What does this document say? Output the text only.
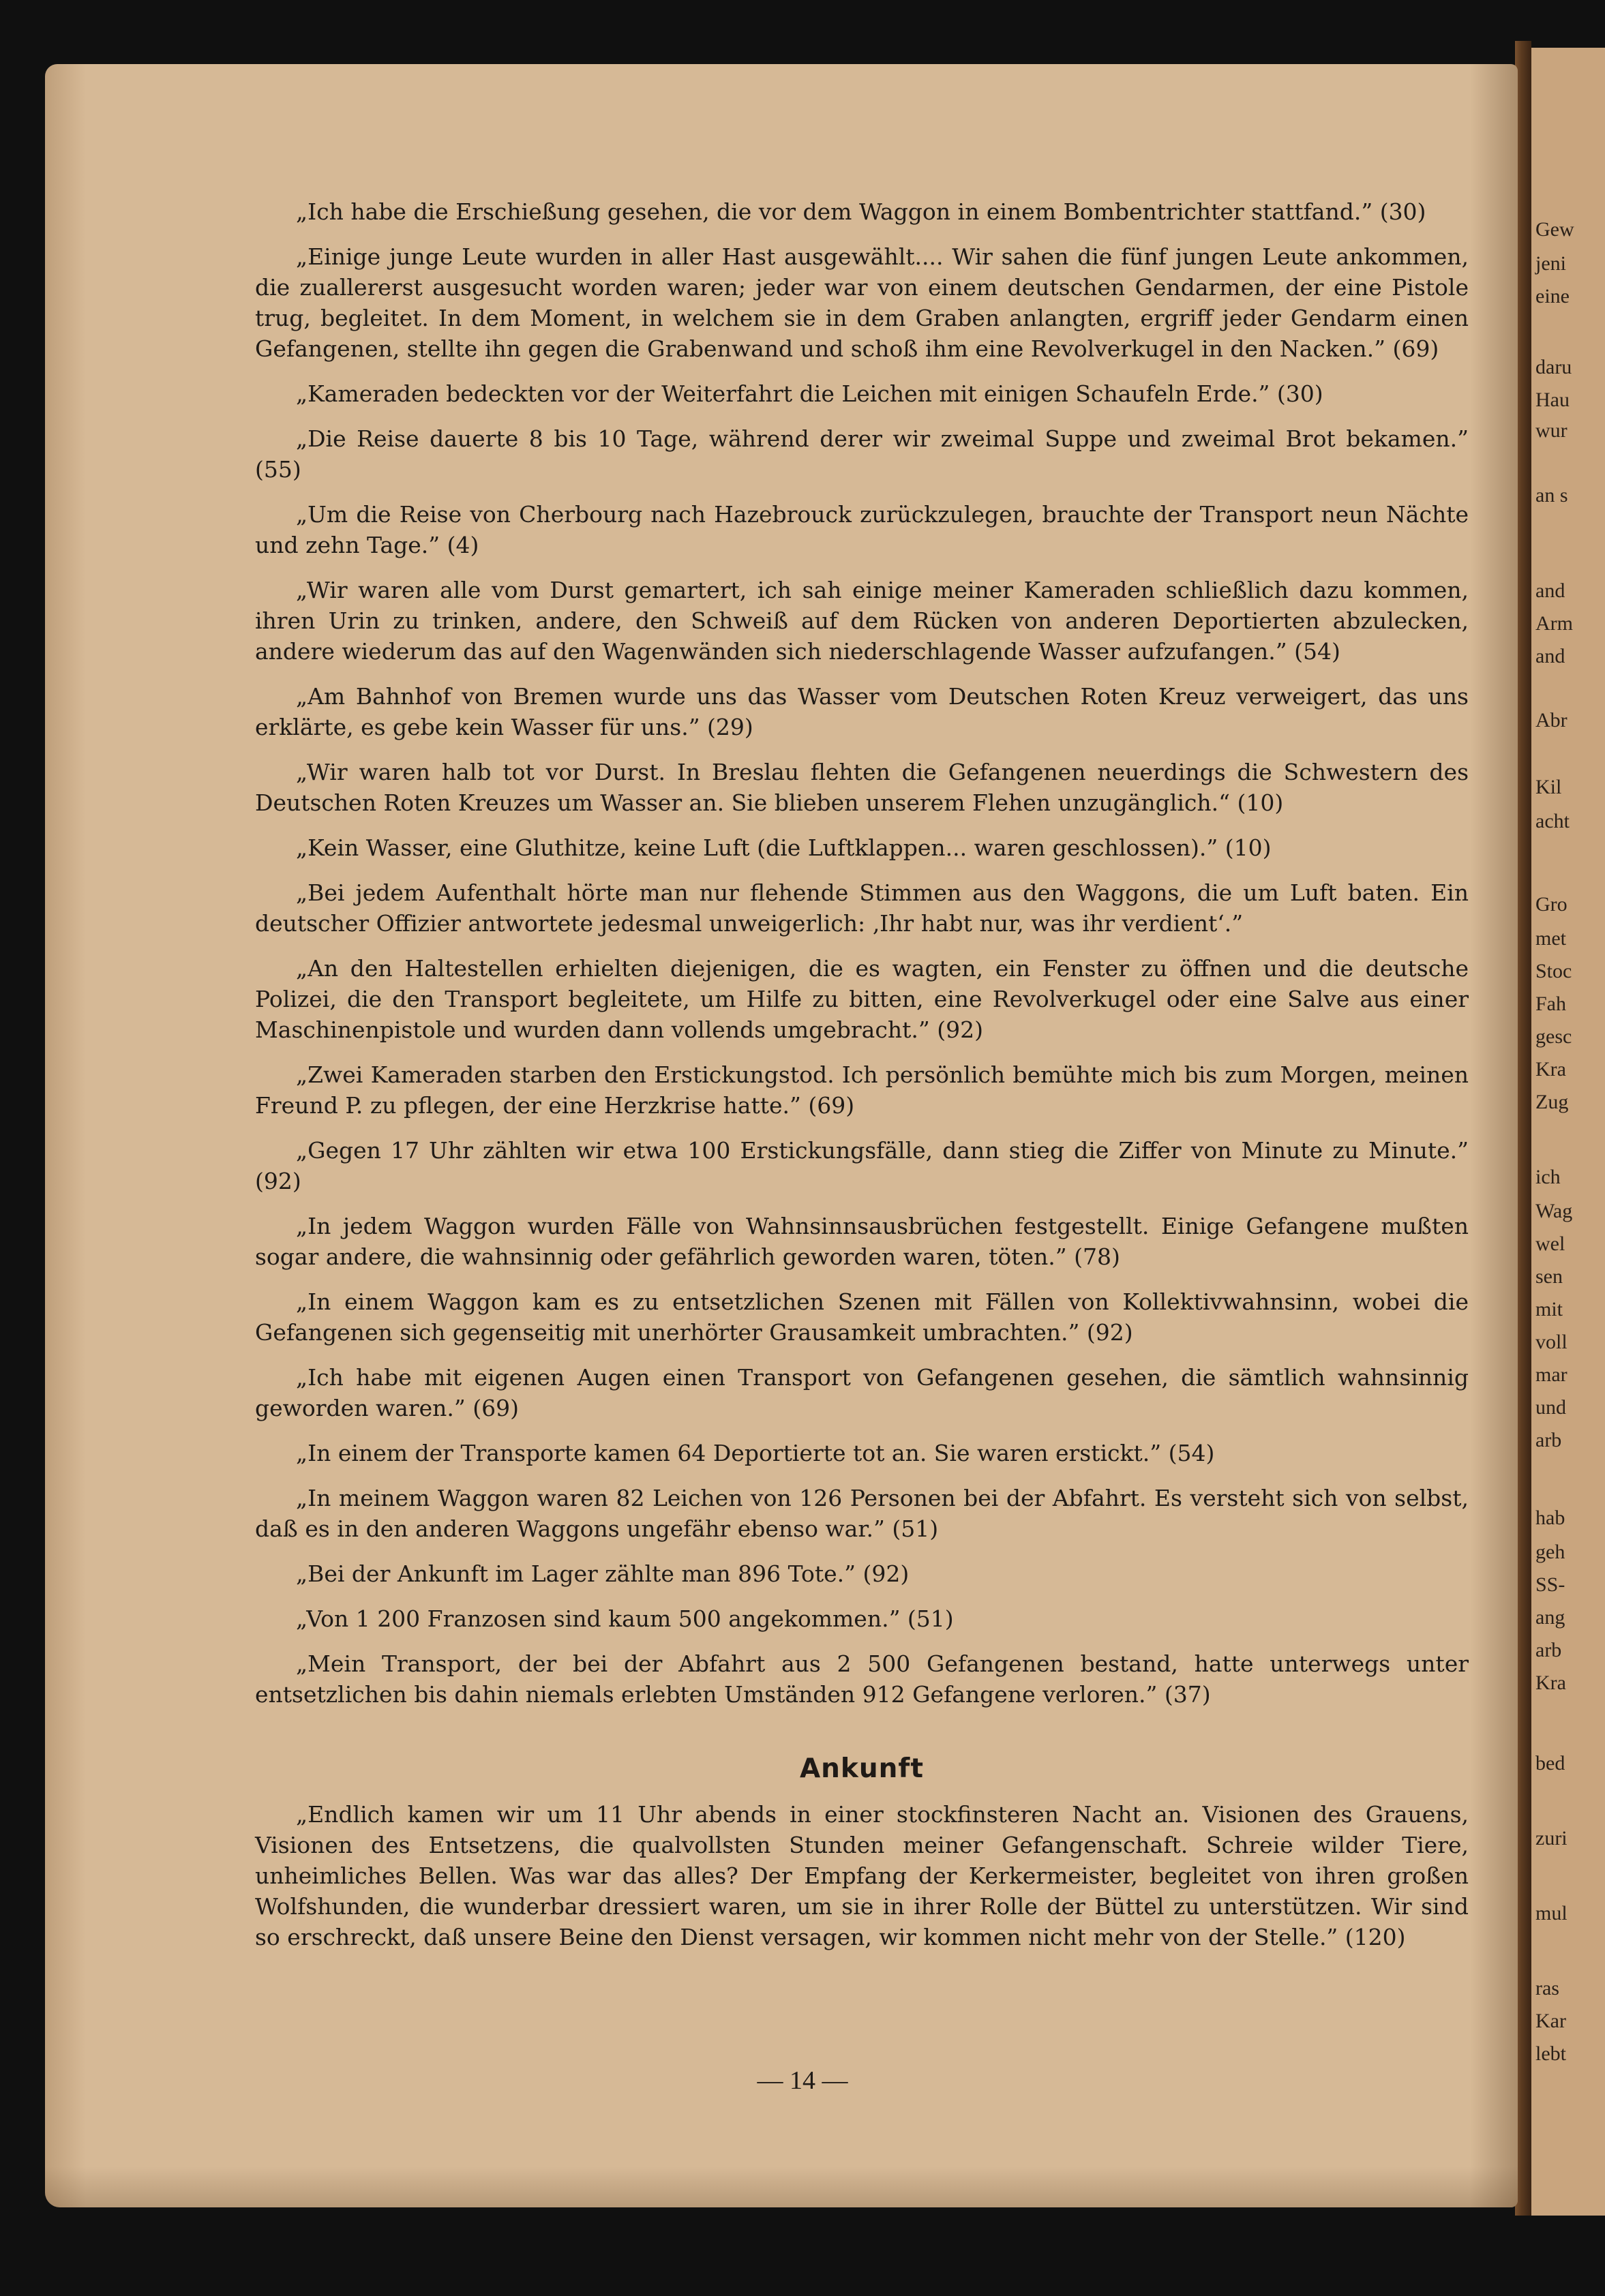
Gew
jeni
eine
daru
Hau
wur
an s
and
Arm
and
Abr
Kil
acht
Gro
met
Stoc
Fah
gesc
Kra
Zug
ich
Wag
wel
sen
mit
voll
mar
und
arb
hab
geh
SS-
ang
arb
Kra
bed
zuri
mul
ras
Kar
lebt

„Ich habe die Erschießung gesehen, die vor dem Waggon in einem Bombentrichter stattfand.” (30)

„Einige junge Leute wurden in aller Hast ausgewählt.... Wir sahen die fünf jungen Leute ankommen, die zuallererst ausgesucht worden waren; jeder war von einem deutschen Gendarmen, der eine Pistole trug, begleitet. In dem Moment, in welchem sie in dem Graben anlangten, ergriff jeder Gendarm einen Gefangenen, stellte ihn gegen die Grabenwand und schoß ihm eine Revolverkugel in den Nacken.” (69)

„Kameraden bedeckten vor der Weiterfahrt die Leichen mit einigen Schaufeln Erde.” (30)

„Die Reise dauerte 8 bis 10 Tage, während derer wir zweimal Suppe und zweimal Brot bekamen.” (55)

„Um die Reise von Cherbourg nach Hazebrouck zurückzulegen, brauchte der Transport neun Nächte und zehn Tage.” (4)

„Wir waren alle vom Durst gemartert, ich sah einige meiner Kameraden schließlich dazu kommen, ihren Urin zu trinken, andere, den Schweiß auf dem Rücken von anderen Deportierten abzulecken, andere wiederum das auf den Wagenwänden sich niederschlagende Wasser aufzufangen.” (54)

„Am Bahnhof von Bremen wurde uns das Wasser vom Deutschen Roten Kreuz verweigert, das uns erklärte, es gebe kein Wasser für uns.” (29)

„Wir waren halb tot vor Durst. In Breslau flehten die Gefangenen neuerdings die Schwestern des Deutschen Roten Kreuzes um Wasser an. Sie blieben unserem Flehen unzugänglich.“ (10)

„Kein Wasser, eine Gluthitze, keine Luft (die Luftklappen... waren geschlossen).” (10)

„Bei jedem Aufenthalt hörte man nur flehende Stimmen aus den Waggons, die um Luft baten. Ein deutscher Offizier antwortete jedesmal unweigerlich: ‚Ihr habt nur, was ihr verdient‘.”

„An den Haltestellen erhielten diejenigen, die es wagten, ein Fenster zu öffnen und die deutsche Polizei, die den Transport begleitete, um Hilfe zu bitten, eine Revolverkugel oder eine Salve aus einer Maschinenpistole und wurden dann vollends umgebracht.” (92)

„Zwei Kameraden starben den Erstickungstod. Ich persönlich bemühte mich bis zum Morgen, meinen Freund P. zu pflegen, der eine Herzkrise hatte.” (69)

„Gegen 17 Uhr zählten wir etwa 100 Erstickungsfälle, dann stieg die Ziffer von Minute zu Minute.” (92)

„In jedem Waggon wurden Fälle von Wahnsinnsausbrüchen festgestellt. Einige Gefangene mußten sogar andere, die wahnsinnig oder gefährlich geworden waren, töten.” (78)

„In einem Waggon kam es zu entsetzlichen Szenen mit Fällen von Kollektivwahnsinn, wobei die Gefangenen sich gegenseitig mit unerhörter Grausamkeit umbrachten.” (92)

„Ich habe mit eigenen Augen einen Transport von Gefangenen gesehen, die sämtlich wahnsinnig geworden waren.” (69)

„In einem der Transporte kamen 64 Deportierte tot an. Sie waren erstickt.” (54)

„In meinem Waggon waren 82 Leichen von 126 Personen bei der Abfahrt. Es versteht sich von selbst, daß es in den anderen Waggons ungefähr ebenso war.” (51)

„Bei der Ankunft im Lager zählte man 896 Tote.” (92)

„Von 1 200 Franzosen sind kaum 500 angekommen.” (51)

„Mein Transport, der bei der Abfahrt aus 2 500 Gefangenen bestand, hatte unterwegs unter entsetzlichen bis dahin niemals erlebten Umständen 912 Gefangene verloren.” (37)

Ankunft

„Endlich kamen wir um 11 Uhr abends in einer stockfinsteren Nacht an. Visionen des Grauens, Visionen des Entsetzens, die qualvollsten Stunden meiner Gefangenschaft. Schreie wilder Tiere, unheimliches Bellen. Was war das alles? Der Empfang der Kerkermeister, begleitet von ihren großen Wolfshunden, die wunderbar dressiert waren, um sie in ihrer Rolle der Büttel zu unterstützen. Wir sind so erschreckt, daß unsere Beine den Dienst versagen, wir kommen nicht mehr von der Stelle.” (120)

— 14 —
